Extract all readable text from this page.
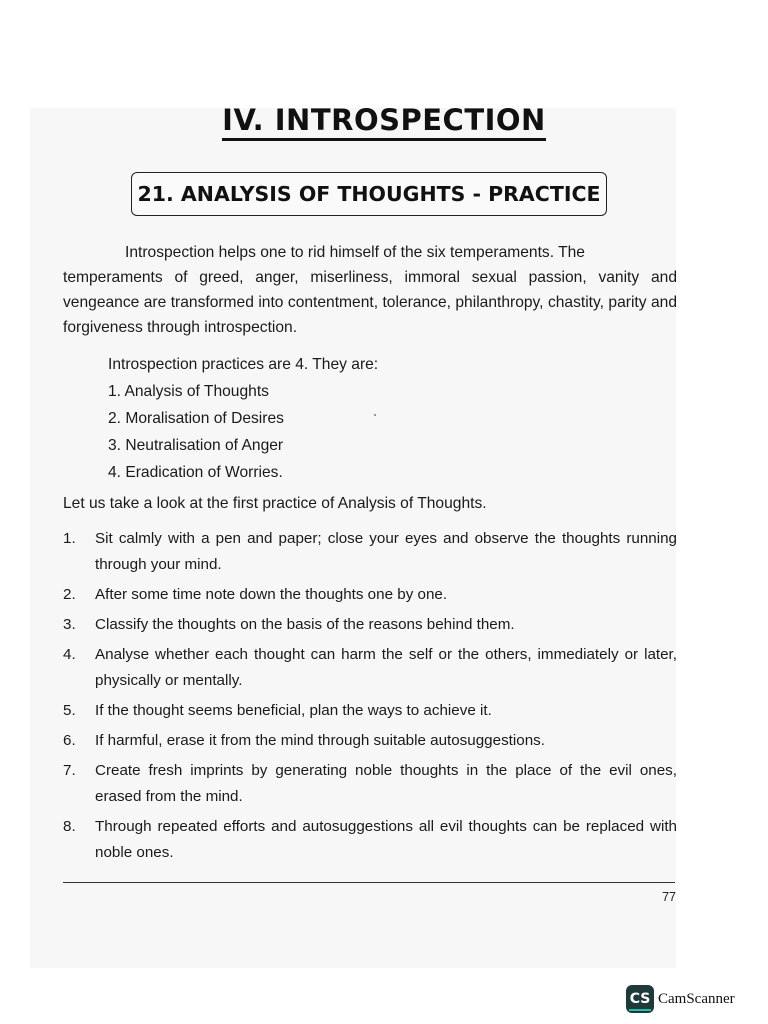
IV. INTROSPECTION
21. ANALYSIS OF THOUGHTS - PRACTICE
Introspection helps one to rid himself of the six temperaments. The
temperaments of greed, anger, miserliness, immoral sexual passion, vanity and vengeance are transformed into contentment, tolerance, philanthropy, chastity, parity and forgiveness through introspection.
Introspection practices are 4. They are:
1. Analysis of Thoughts
2. Moralisation of Desires
3. Neutralisation of Anger
4. Eradication of Worries.
Let us take a look at the first practice of Analysis of Thoughts.
1.	Sit calmly with a pen and paper; close your eyes and observe the thoughts running through your mind.
2.	After some time note down the thoughts one by one.
3.	Classify the thoughts on the basis of the reasons behind them.
4.	Analyse whether each thought can harm the self or the others, immediately or later, physically or mentally.
5.	If the thought seems beneficial, plan the ways to achieve it.
6.	If harmful, erase it from the mind through suitable autosuggestions.
7.	Create fresh imprints by generating noble thoughts in the place of the evil ones, erased from the mind.
8.	Through repeated efforts and autosuggestions all evil thoughts can be replaced with noble ones.
77
CS CamScanner
